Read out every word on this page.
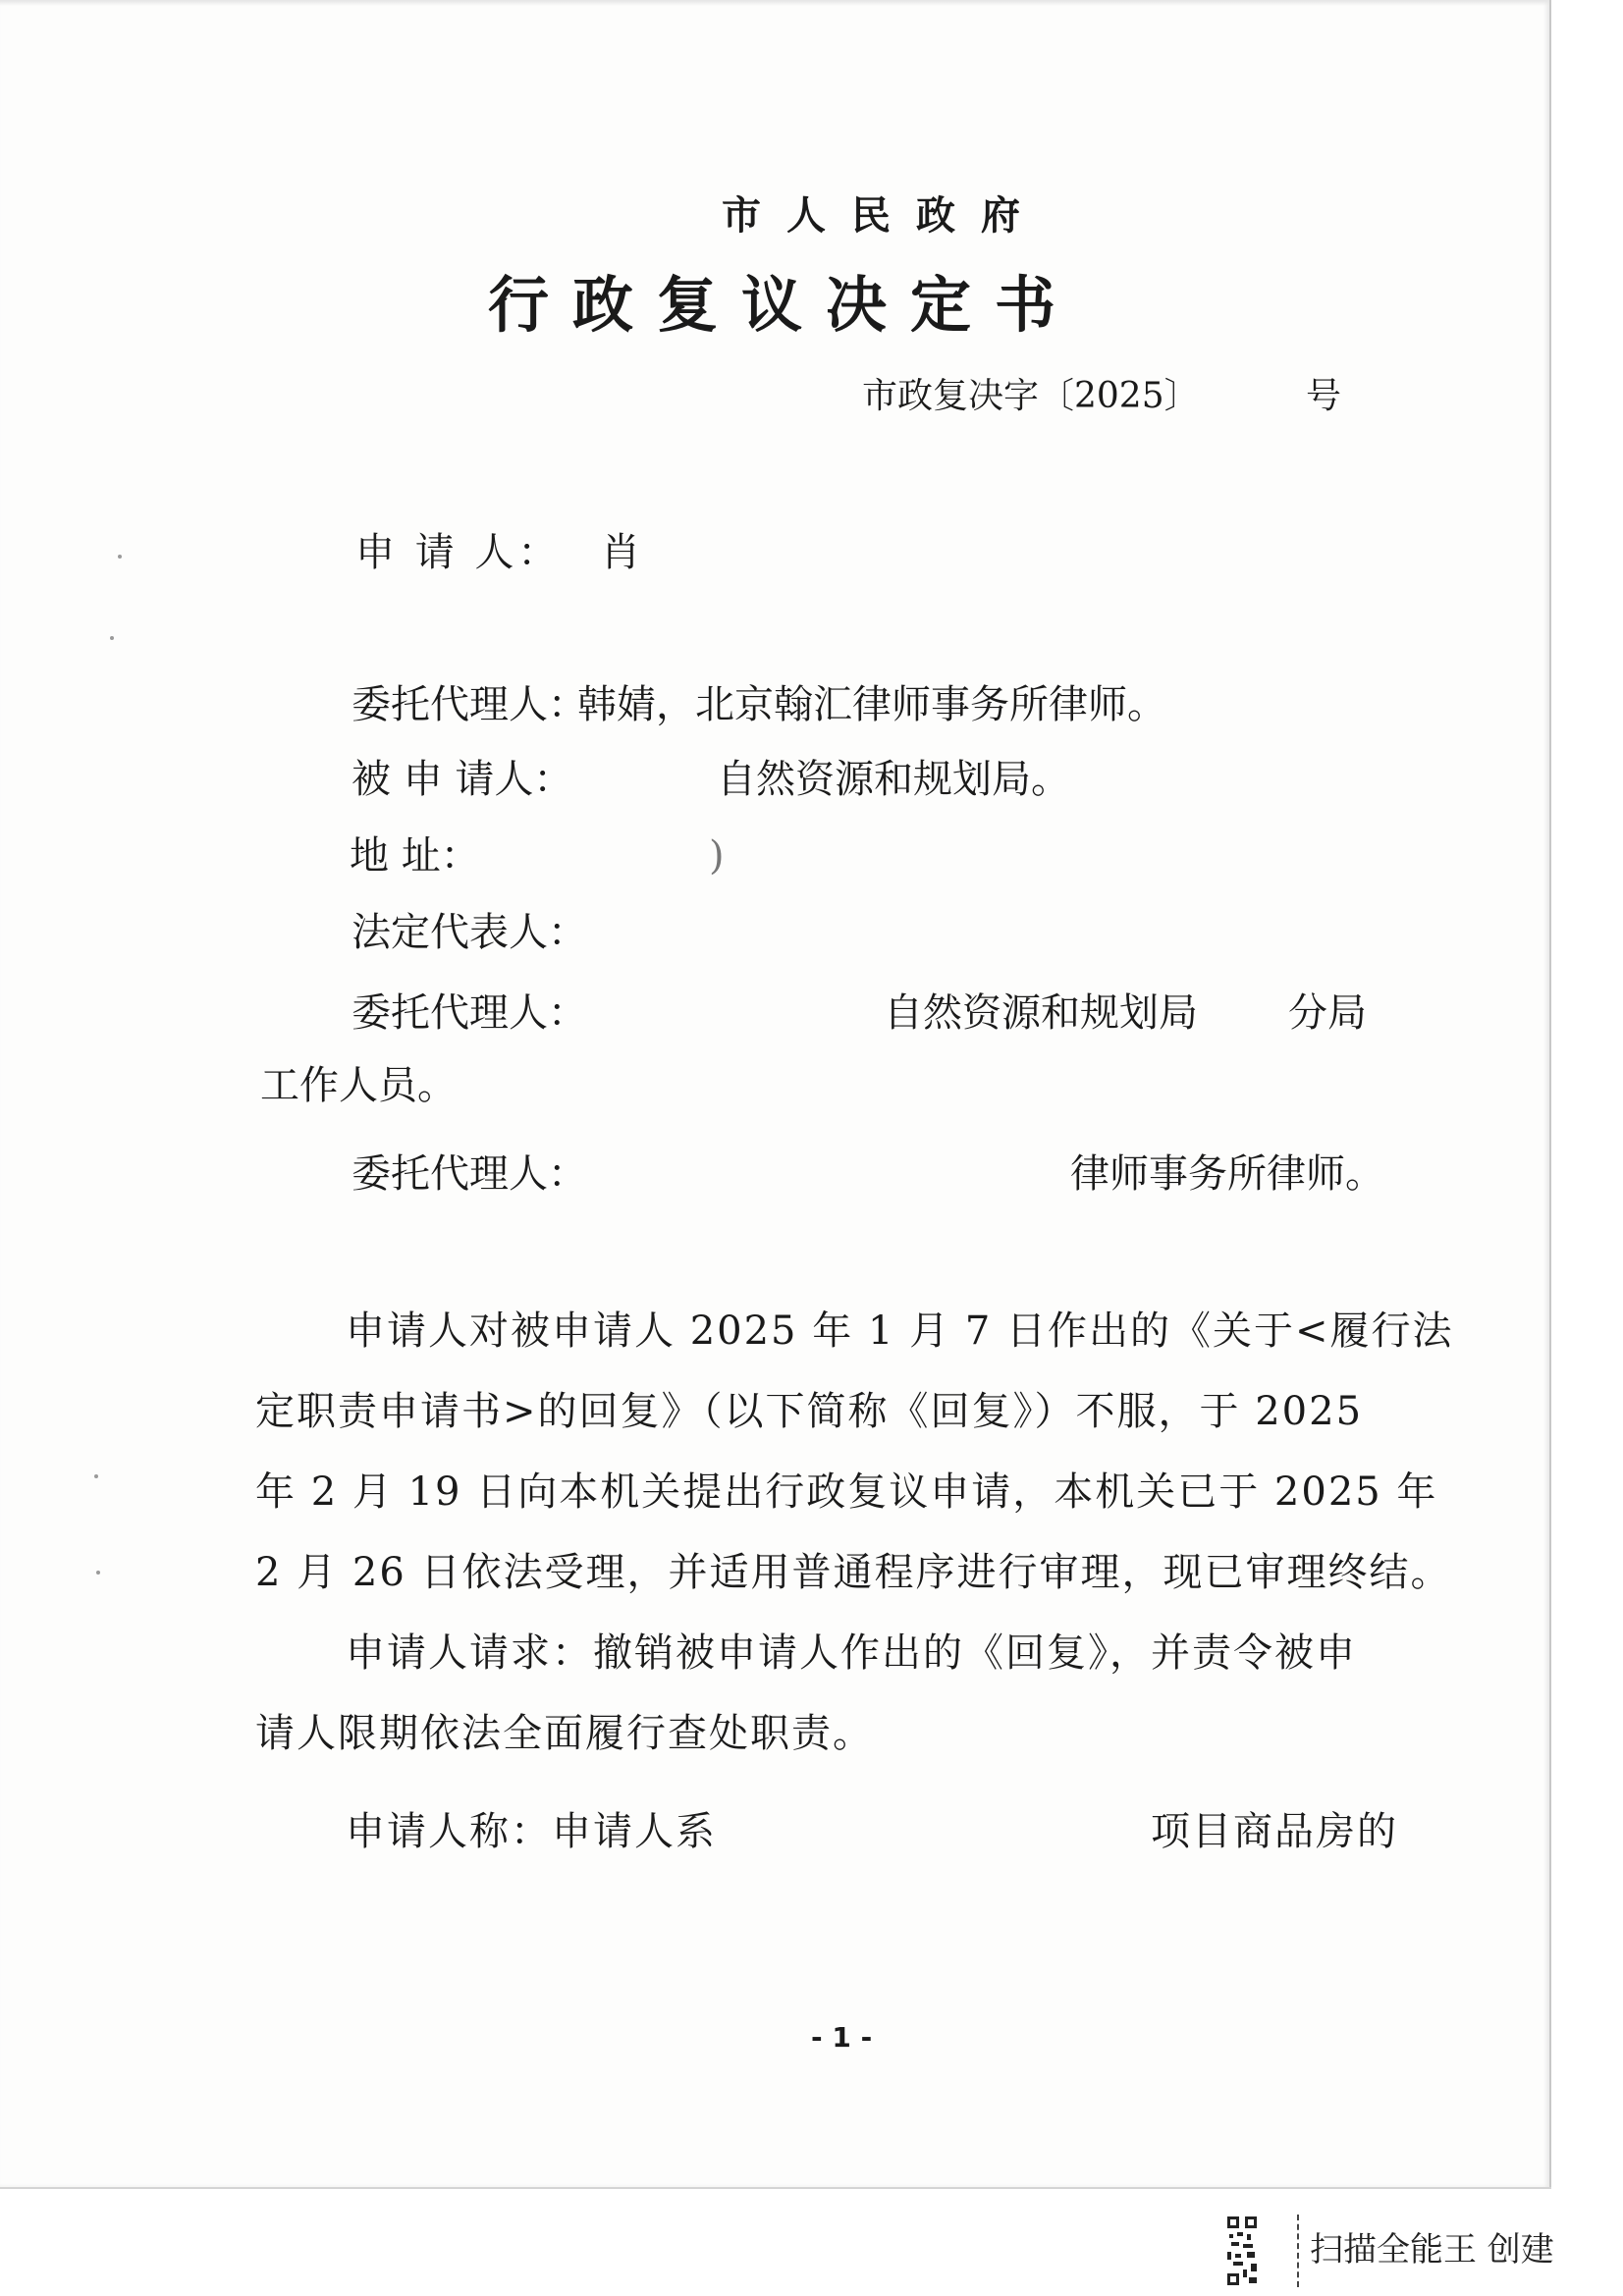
市人民政府
行政复议决定书
市政复决字〔2025〕	号
申 请 人： 肖
委托代理人：
韩婧，北京翰汇律师事务所律师。
被 申 请人：	自然资源和规划局。
地 址：	)
法定代表人：
委托代理人：	自然资源和规划局 分局
工作人员。
委托代理人：	律师事务所律师。
申请人对被申请人 2025 年 1 月 7 日作出的《关于<履行法
定职责申请书>的回复》（以下简称《回复》）不服，于 2025
年 2 月 19 日向本机关提出行政复议申请，本机关已于 2025 年
2 月 26 日依法受理，并适用普通程序进行审理，现已审理终结。
申请人请求：撤销被申请人作出的《回复》，并责令被申
请人限期依法全面履行查处职责。
申请人称：申请人系	项目商品房的
- 1 -
扫描全能王 创建
